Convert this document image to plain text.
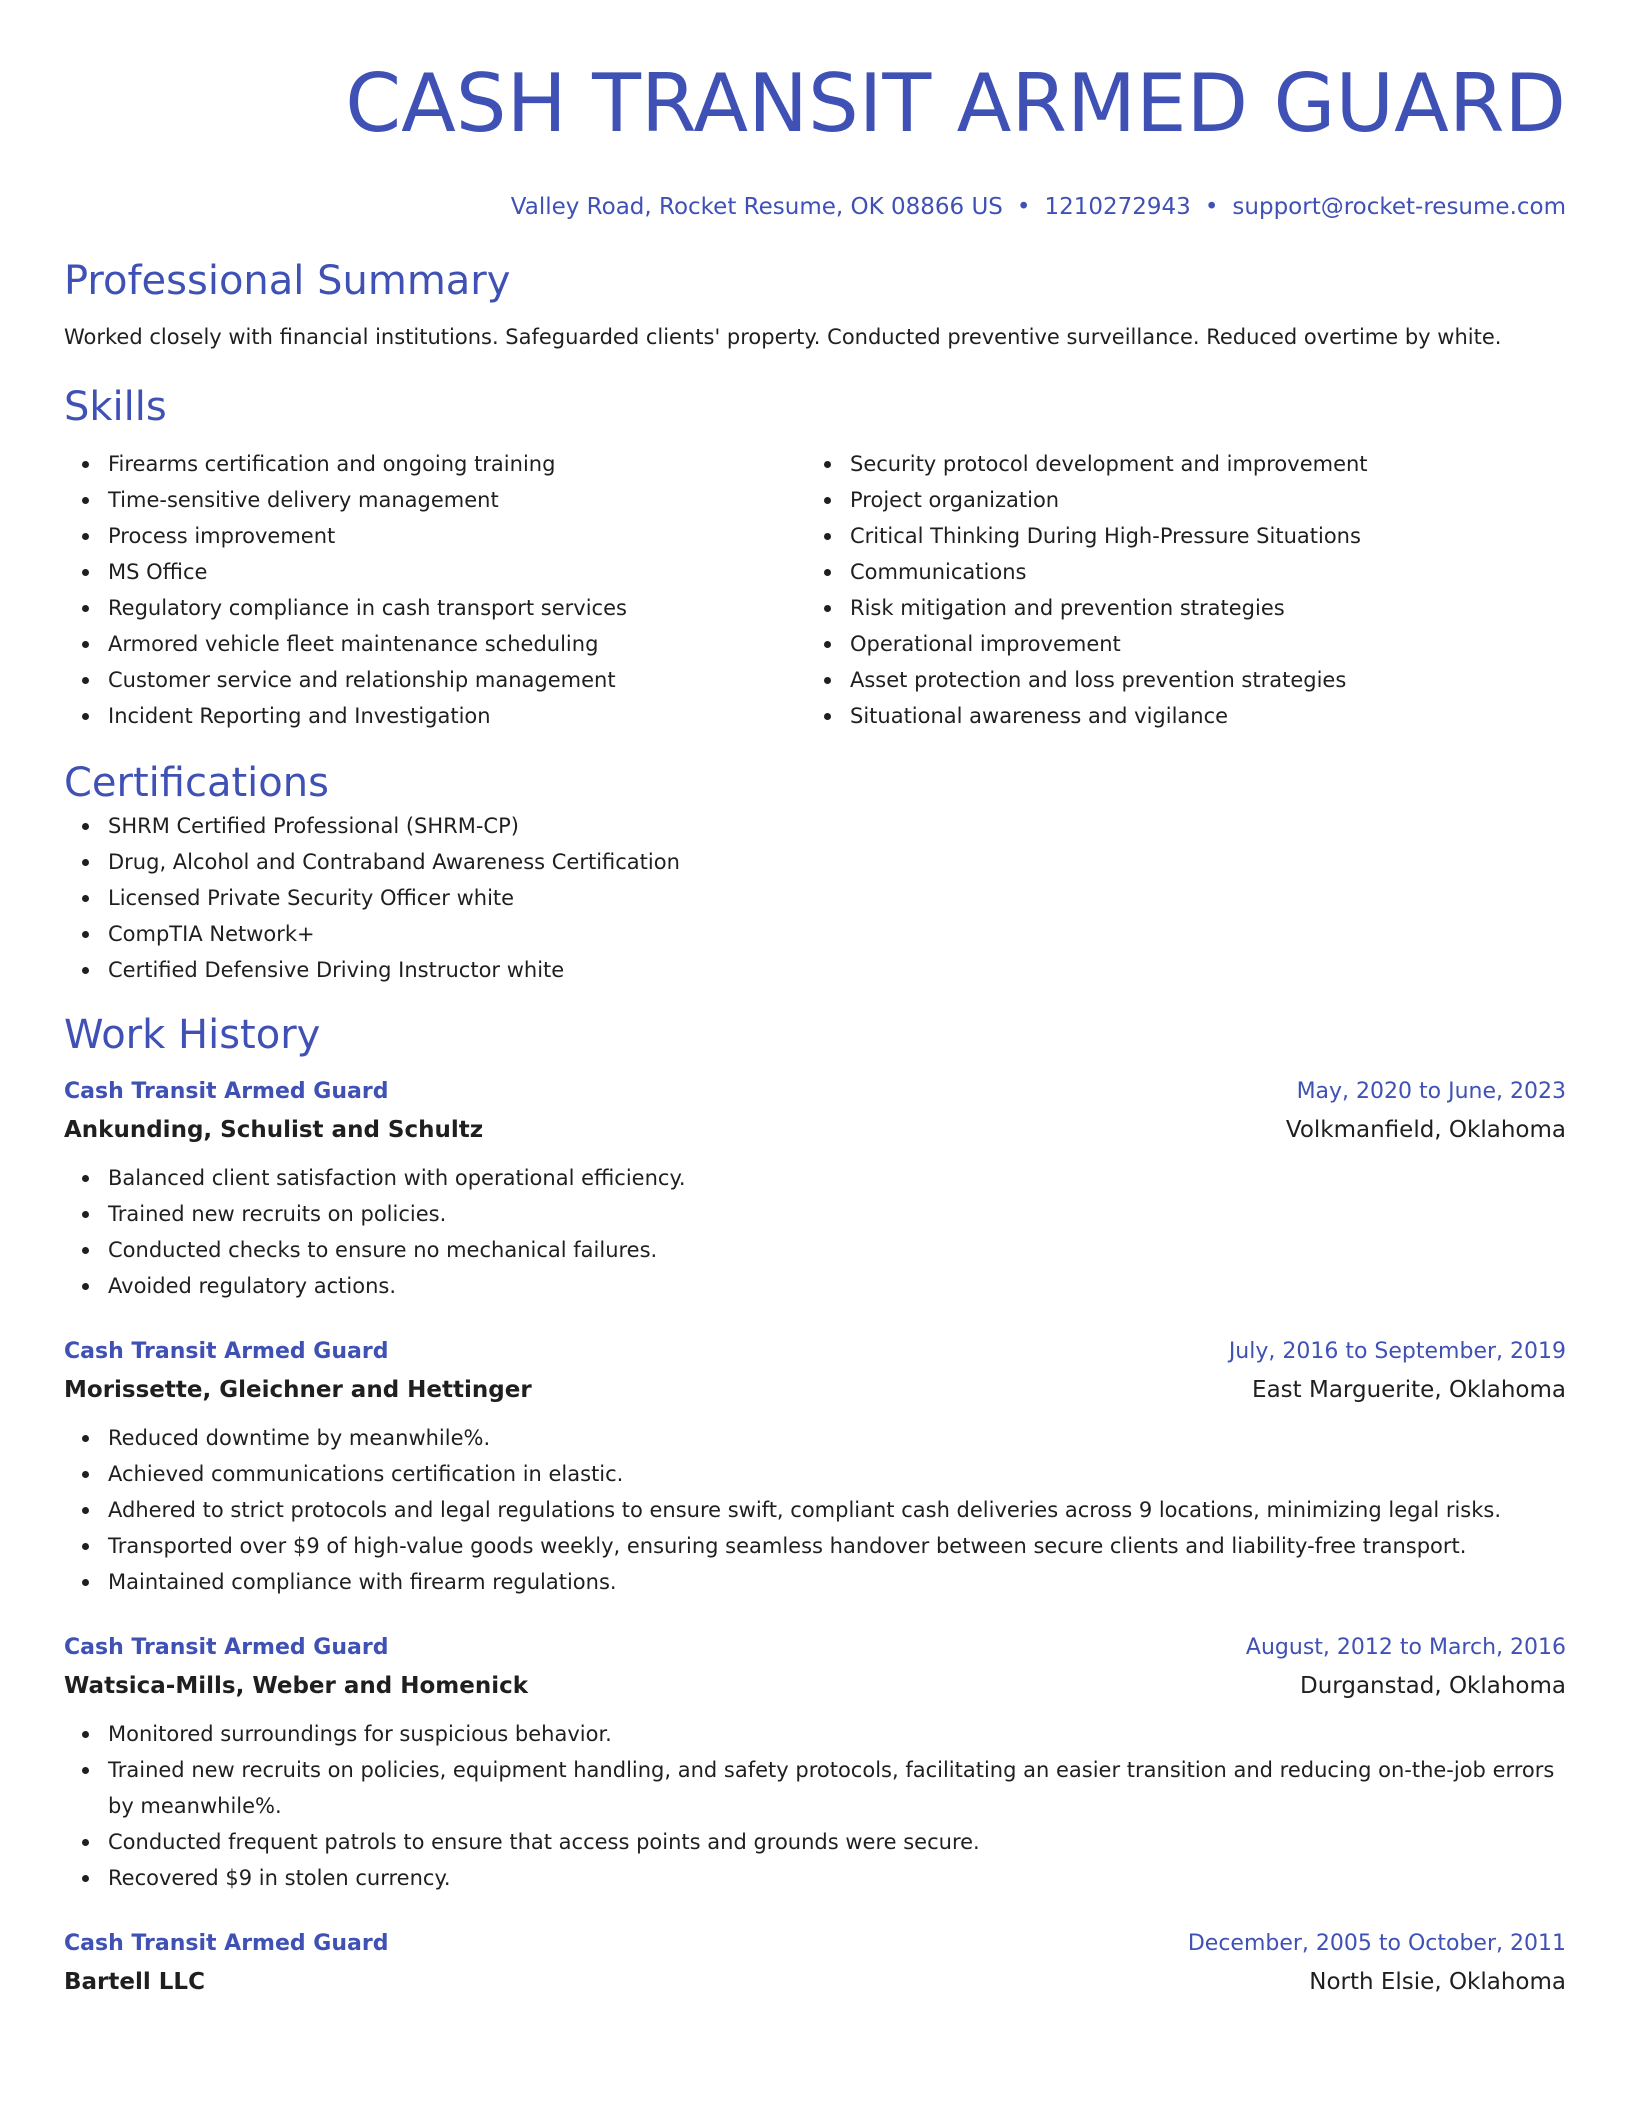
CASH TRANSIT ARMED GUARD
Valley Road, Rocket Resume, OK 08866 US • 1210272943 • support@rocket-resume.com
Professional Summary
Worked closely with financial institutions. Safeguarded clients' property. Conducted preventive surveillance. Reduced overtime by white.
Skills
Firearms certification and ongoing training
Time-sensitive delivery management
Process improvement
MS Office
Regulatory compliance in cash transport services
Armored vehicle fleet maintenance scheduling
Customer service and relationship management
Incident Reporting and Investigation
Security protocol development and improvement
Project organization
Critical Thinking During High-Pressure Situations
Communications
Risk mitigation and prevention strategies
Operational improvement
Asset protection and loss prevention strategies
Situational awareness and vigilance
Certifications
SHRM Certified Professional (SHRM-CP)
Drug, Alcohol and Contraband Awareness Certification
Licensed Private Security Officer white
CompTIA Network+
Certified Defensive Driving Instructor white
Work History
Cash Transit Armed Guard	May, 2020 to June, 2023
Ankunding, Schulist and Schultz	Volkmanfield, Oklahoma
Balanced client satisfaction with operational efficiency.
Trained new recruits on policies.
Conducted checks to ensure no mechanical failures.
Avoided regulatory actions.
Cash Transit Armed Guard	July, 2016 to September, 2019
Morissette, Gleichner and Hettinger	East Marguerite, Oklahoma
Reduced downtime by meanwhile%.
Achieved communications certification in elastic.
Adhered to strict protocols and legal regulations to ensure swift, compliant cash deliveries across 9 locations, minimizing legal risks.
Transported over $9 of high-value goods weekly, ensuring seamless handover between secure clients and liability-free transport.
Maintained compliance with firearm regulations.
Cash Transit Armed Guard	August, 2012 to March, 2016
Watsica-Mills, Weber and Homenick	Durganstad, Oklahoma
Monitored surroundings for suspicious behavior.
Trained new recruits on policies, equipment handling, and safety protocols, facilitating an easier transition and reducing on-the-job errors by meanwhile%.
Conducted frequent patrols to ensure that access points and grounds were secure.
Recovered $9 in stolen currency.
Cash Transit Armed Guard	December, 2005 to October, 2011
Bartell LLC	North Elsie, Oklahoma
